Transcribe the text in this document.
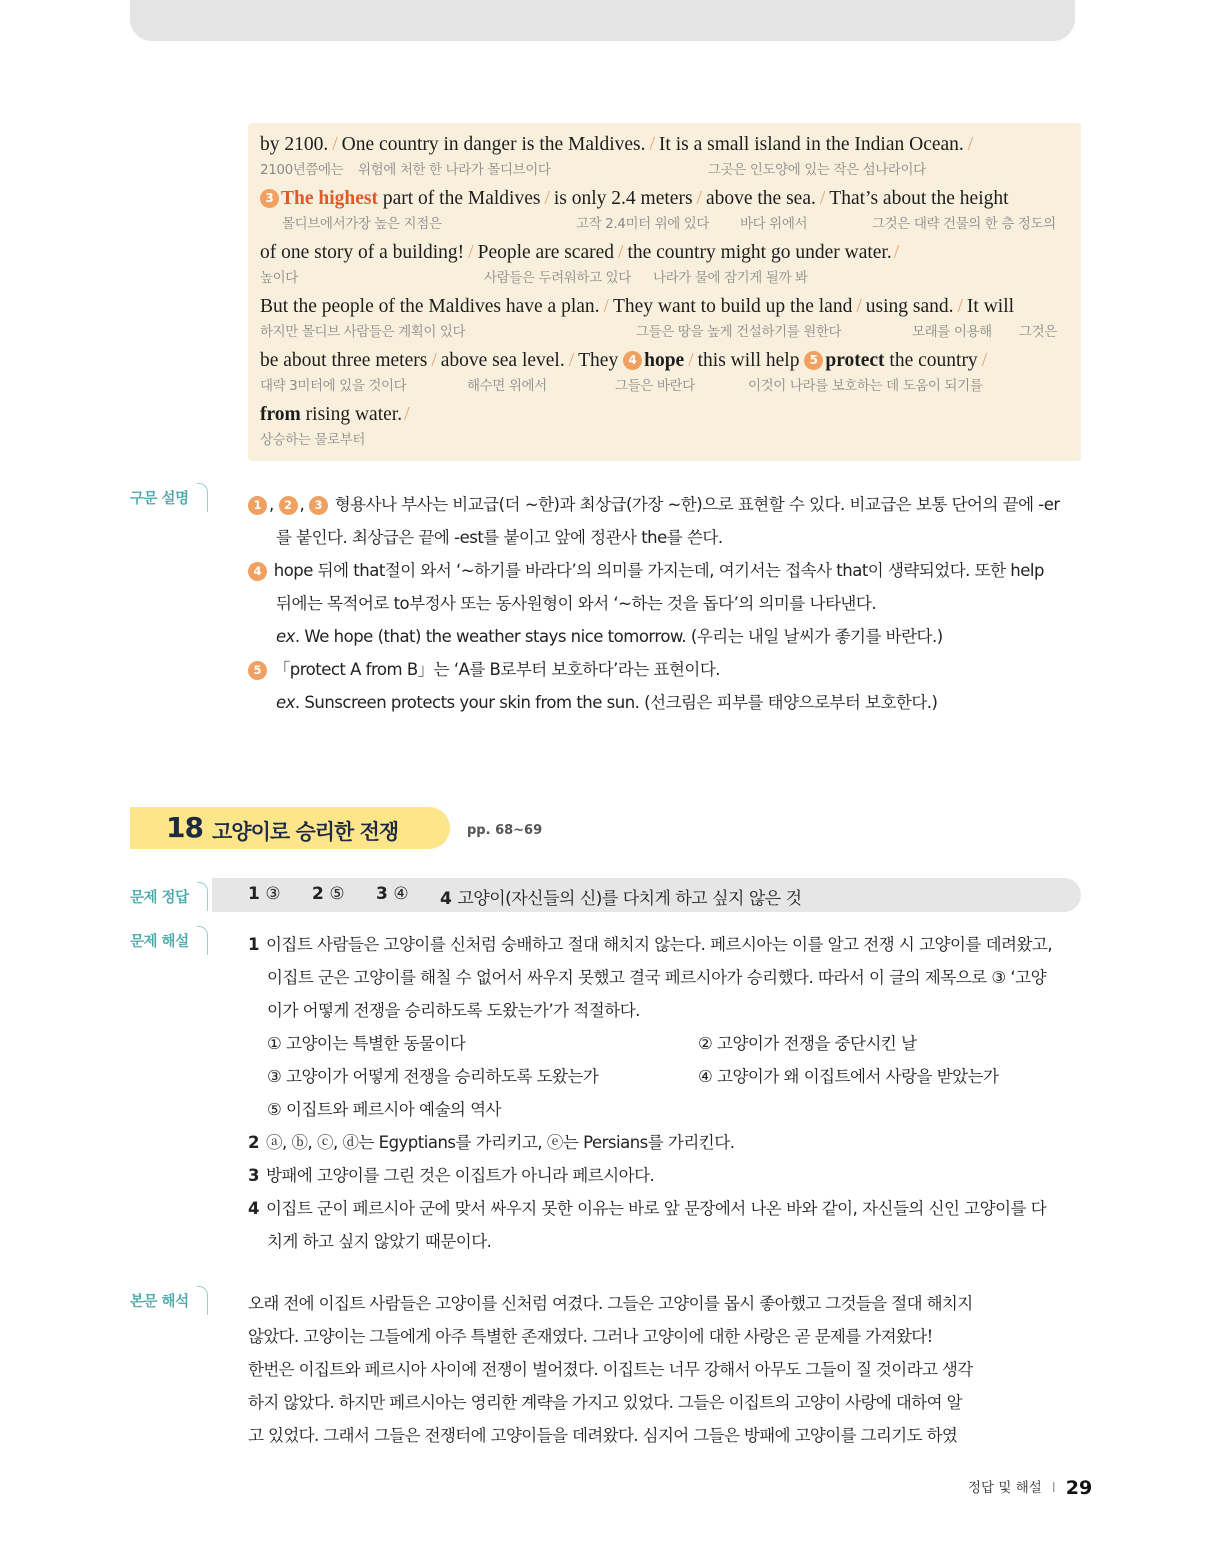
by 2100. / One country in danger is the Maldives. / It is a small island in the Indian Ocean. /
2100년쯤에는 위험에 처한 한 나라가 몰디브이다	그곳은 인도양에 있는 작은 섬나라이다
3 The highest part of the Maldives / is only 2.4 meters / above the sea. / That’s about the height
몰디브에서가장 높은 지점은	고작 2.4미터 위에 있다 바다 위에서	그것은 대략 건물의 한 층 정도의
of one story of a building! / People are scared / the country might go under water. /
높이다	사람들은 두려워하고 있다 나라가 물에 잠기게 될까 봐
But the people of the Maldives have a plan. / They want to build up the land / using sand. / It will
하지만 몰디브 사람들은 계획이 있다	그들은 땅을 높게 건설하기를 원한다	모래를 이용해 그것은
be about three meters / above sea level. / They 4 hope / this will help 5 protect the country /
대략 3미터에 있을 것이다	해수면 위에서	그들은 바란다	이것이 나라를 보호하는 데 도움이 되기를
from rising water. /
상승하는 물로부터
구문 설명	1 , 2 , 3 형용사나 부사는 비교급(더 ~한)과 최상급(가장 ~한)으로 표현할 수 있다. 비교급은 보통 단어의 끝에 -er
를 붙인다. 최상급은 끝에 -est를 붙이고 앞에 정관사 the를 쓴다.
4 hope 뒤에 that절이 와서 ‘~하기를 바라다’의 의미를 가지는데, 여기서는 접속사 that이 생략되었다. 또한 help
뒤에는 목적어로 to부정사 또는 동사원형이 와서 ‘~하는 것을 돕다’의 의미를 나타낸다.
ex. We hope (that) the weather stays nice tomorrow. (우리는 내일 날씨가 좋기를 바란다.)
5 「protect A from B」는 ‘A를 B로부터 보호하다’라는 표현이다.
ex. Sunscreen protects your skin from the sun. (선크림은 피부를 태양으로부터 보호한다.)
18 고양이로 승리한 전쟁	pp. 68~69
문제 정답	1 ③ 2 ⑤ 3 ④ 4 고양이(자신들의 신)를 다치게 하고 싶지 않은 것
문제 해설	1 이집트 사람들은 고양이를 신처럼 숭배하고 절대 해치지 않는다. 페르시아는 이를 알고 전쟁 시 고양이를 데려왔고,
이집트 군은 고양이를 해칠 수 없어서 싸우지 못했고 결국 페르시아가 승리했다. 따라서 이 글의 제목으로 ③ ‘고양
이가 어떻게 전쟁을 승리하도록 도왔는가’가 적절하다.
① 고양이는 특별한 동물이다	② 고양이가 전쟁을 중단시킨 날
③ 고양이가 어떻게 전쟁을 승리하도록 도왔는가	④ 고양이가 왜 이집트에서 사랑을 받았는가
⑤ 이집트와 페르시아 예술의 역사
2 ⓐ, ⓑ, ⓒ, ⓓ는 Egyptians를 가리키고, ⓔ는 Persians를 가리킨다.
3 방패에 고양이를 그린 것은 이집트가 아니라 페르시아다.
4 이집트 군이 페르시아 군에 맞서 싸우지 못한 이유는 바로 앞 문장에서 나온 바와 같이, 자신들의 신인 고양이를 다
치게 하고 싶지 않았기 때문이다.
본문 해석	오래 전에 이집트 사람들은 고양이를 신처럼 여겼다. 그들은 고양이를 몹시 좋아했고 그것들을 절대 해치지
않았다. 고양이는 그들에게 아주 특별한 존재였다. 그러나 고양이에 대한 사랑은 곧 문제를 가져왔다!
한번은 이집트와 페르시아 사이에 전쟁이 벌어졌다. 이집트는 너무 강해서 아무도 그들이 질 것이라고 생각
하지 않았다. 하지만 페르시아는 영리한 계략을 가지고 있었다. 그들은 이집트의 고양이 사랑에 대하여 알
고 있었다. 그래서 그들은 전쟁터에 고양이들을 데려왔다. 심지어 그들은 방패에 고양이를 그리기도 하였
정답 및 해설 I 29
